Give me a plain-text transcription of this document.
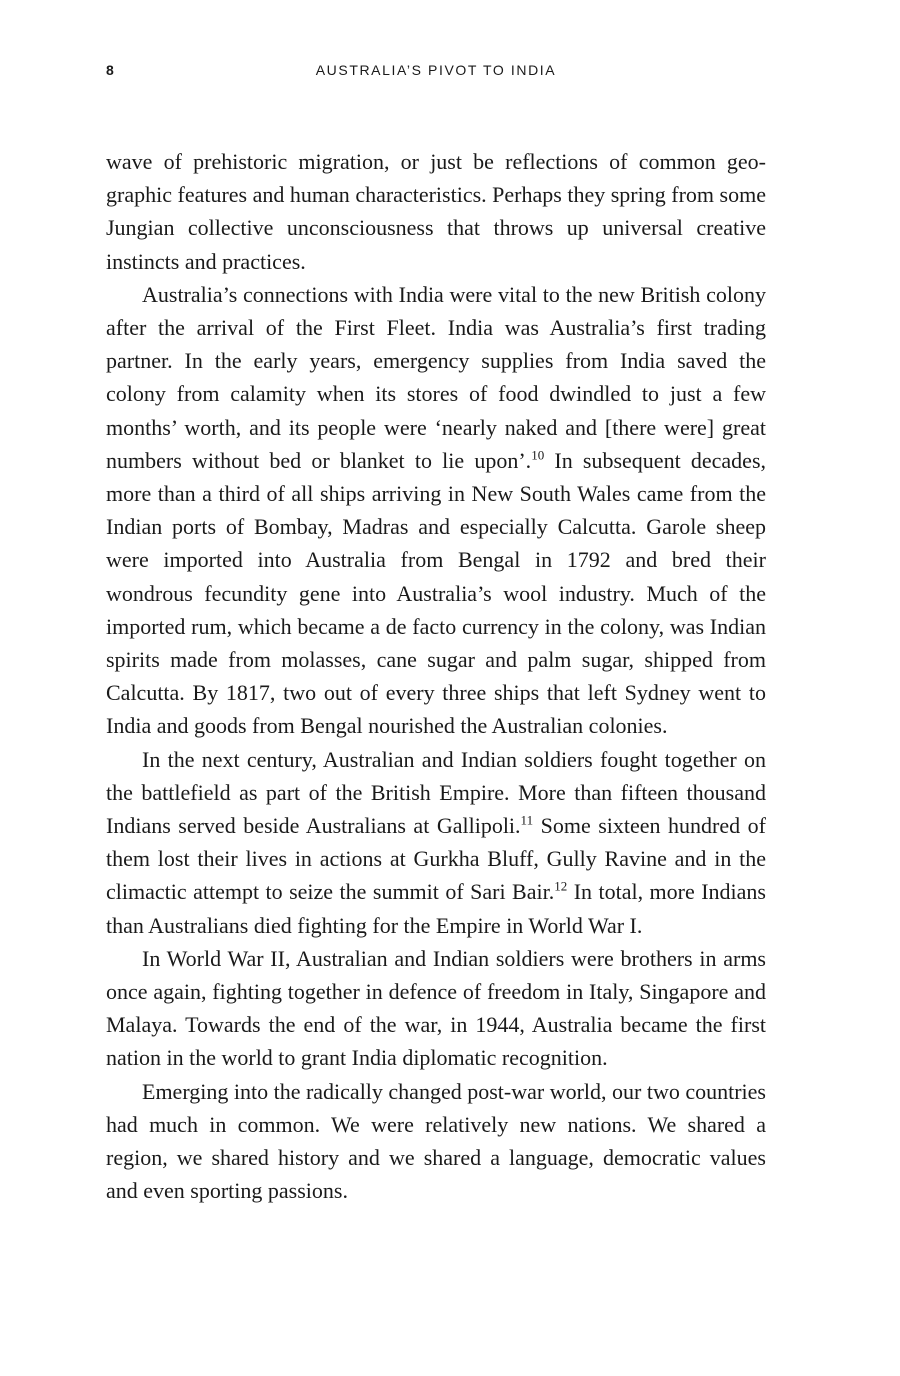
8	AUSTRALIA’S PIVOT TO INDIA

wave of prehistoric migration, or just be reflections of common geographic features and human characteristics. Perhaps they spring from some Jungian collective unconsciousness that throws up universal creative instincts and practices.

Australia’s connections with India were vital to the new British colony after the arrival of the First Fleet. India was Australia’s first trading partner. In the early years, emergency supplies from India saved the colony from calamity when its stores of food dwindled to just a few months’ worth, and its people were ‘nearly naked and [there were] great numbers without bed or blanket to lie upon’.$^{10}$ In subsequent decades, more than a third of all ships arriving in New South Wales came from the Indian ports of Bombay, Madras and especially Calcutta. Garole sheep were imported into Australia from Bengal in 1792 and bred their wondrous fecundity gene into Australia’s wool industry. Much of the imported rum, which became a de facto currency in the colony, was Indian spirits made from molasses, cane sugar and palm sugar, shipped from Calcutta. By 1817, two out of every three ships that left Sydney went to India and goods from Bengal nourished the Australian colonies.

In the next century, Australian and Indian soldiers fought together on the battlefield as part of the British Empire. More than fifteen thousand Indians served beside Australians at Gallipoli.$^{11}$ Some sixteen hundred of them lost their lives in actions at Gurkha Bluff, Gully Ravine and in the climactic attempt to seize the summit of Sari Bair.$^{12}$ In total, more Indians than Australians died fighting for the Empire in World War I.

In World War II, Australian and Indian soldiers were brothers in arms once again, fighting together in defence of freedom in Italy, Singapore and Malaya. Towards the end of the war, in 1944, Australia became the first nation in the world to grant India diplomatic recognition.

Emerging into the radically changed post-war world, our two countries had much in common. We were relatively new nations. We shared a region, we shared history and we shared a language, democratic values and even sporting passions.
